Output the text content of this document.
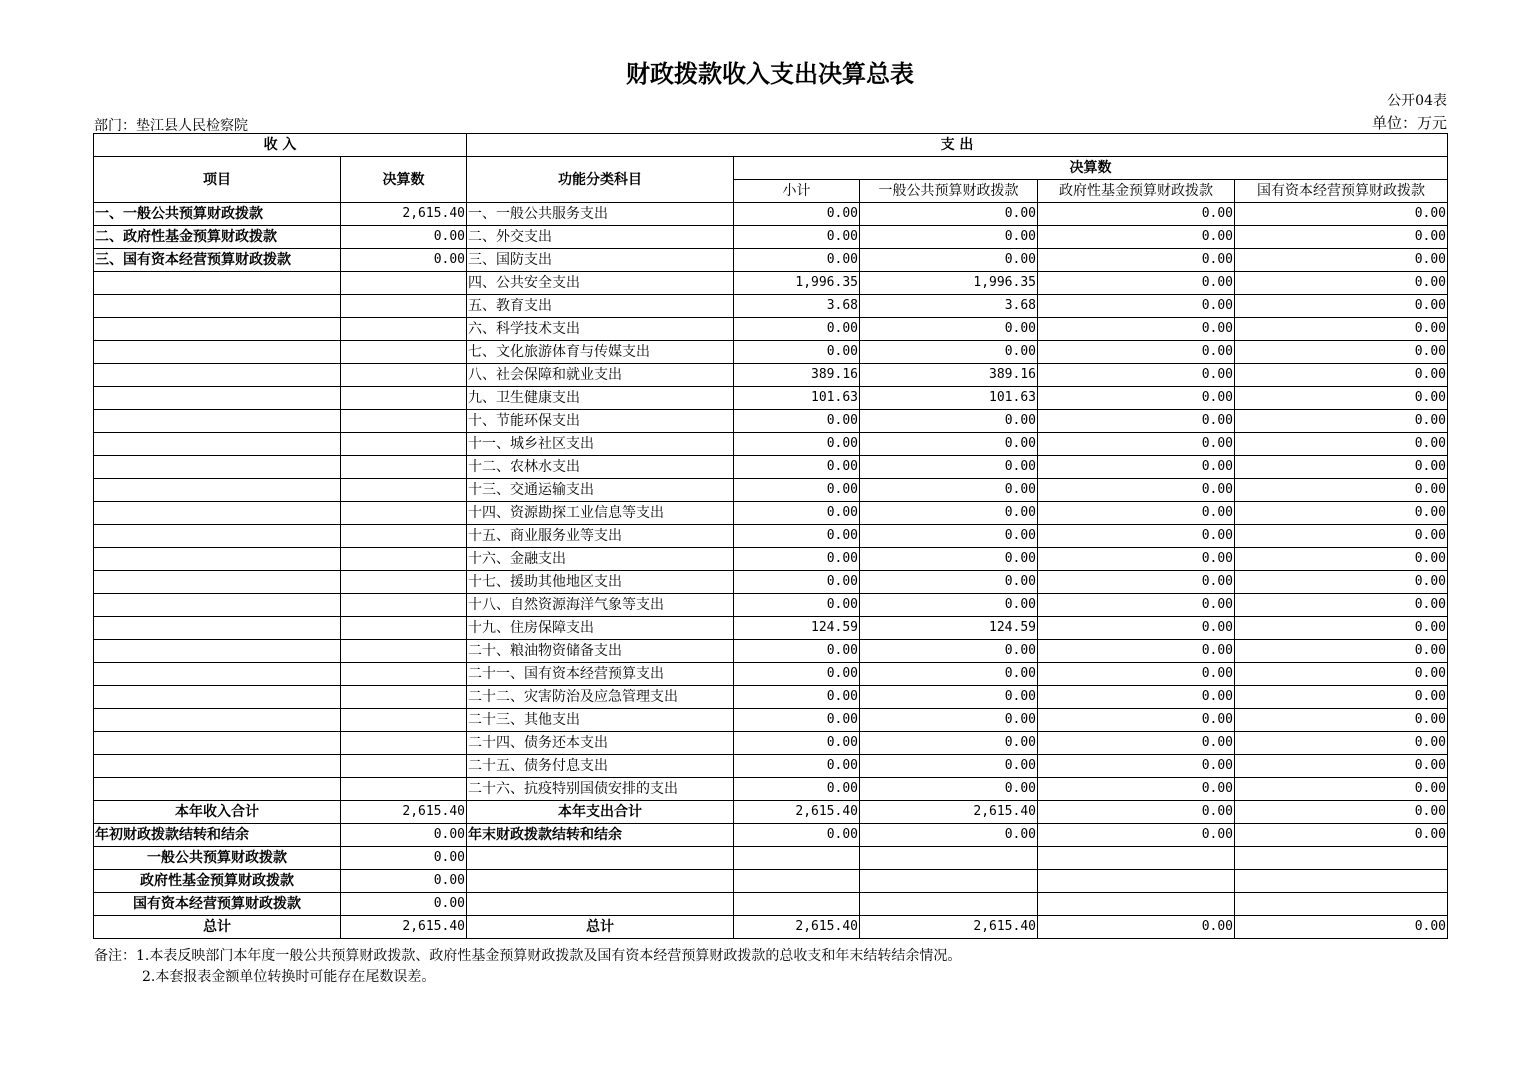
财政拨款收入支出决算总表
公开04表
部门：垫江县人民检察院	单位：万元
收 入		支 出				
项目	决算数	功能分类科目	决算数			
			小计	一般公共预算财政拨款	政府性基金预算财政拨款	国有资本经营预算财政拨款
一、一般公共预算财政拨款	2,615.40	一、一般公共服务支出	0.00	0.00	0.00	0.00
二、政府性基金预算财政拨款	0.00	二、外交支出	0.00	0.00	0.00	0.00
三、国有资本经营预算财政拨款	0.00	三、国防支出	0.00	0.00	0.00	0.00
		四、公共安全支出	1,996.35	1,996.35	0.00	0.00
		五、教育支出	3.68	3.68	0.00	0.00
		六、科学技术支出	0.00	0.00	0.00	0.00
		七、文化旅游体育与传媒支出	0.00	0.00	0.00	0.00
		八、社会保障和就业支出	389.16	389.16	0.00	0.00
		九、卫生健康支出	101.63	101.63	0.00	0.00
		十、节能环保支出	0.00	0.00	0.00	0.00
		十一、城乡社区支出	0.00	0.00	0.00	0.00
		十二、农林水支出	0.00	0.00	0.00	0.00
		十三、交通运输支出	0.00	0.00	0.00	0.00
		十四、资源勘探工业信息等支出	0.00	0.00	0.00	0.00
		十五、商业服务业等支出	0.00	0.00	0.00	0.00
		十六、金融支出	0.00	0.00	0.00	0.00
		十七、援助其他地区支出	0.00	0.00	0.00	0.00
		十八、自然资源海洋气象等支出	0.00	0.00	0.00	0.00
		十九、住房保障支出	124.59	124.59	0.00	0.00
		二十、粮油物资储备支出	0.00	0.00	0.00	0.00
		二十一、国有资本经营预算支出	0.00	0.00	0.00	0.00
		二十二、灾害防治及应急管理支出	0.00	0.00	0.00	0.00
		二十三、其他支出	0.00	0.00	0.00	0.00
		二十四、债务还本支出	0.00	0.00	0.00	0.00
		二十五、债务付息支出	0.00	0.00	0.00	0.00
		二十六、抗疫特别国债安排的支出	0.00	0.00	0.00	0.00
本年收入合计	2,615.40	本年支出合计	2,615.40	2,615.40	0.00	0.00
年初财政拨款结转和结余	0.00	年末财政拨款结转和结余	0.00	0.00	0.00	0.00
一般公共预算财政拨款	0.00					
政府性基金预算财政拨款	0.00					
国有资本经营预算财政拨款	0.00					
总计	2,615.40	总计	2,615.40	2,615.40	0.00	0.00
备注：1.本表反映部门本年度一般公共预算财政拨款、政府性基金预算财政拨款及国有资本经营预算财政拨款的总收支和年末结转结余情况。
2.本套报表金额单位转换时可能存在尾数误差。
